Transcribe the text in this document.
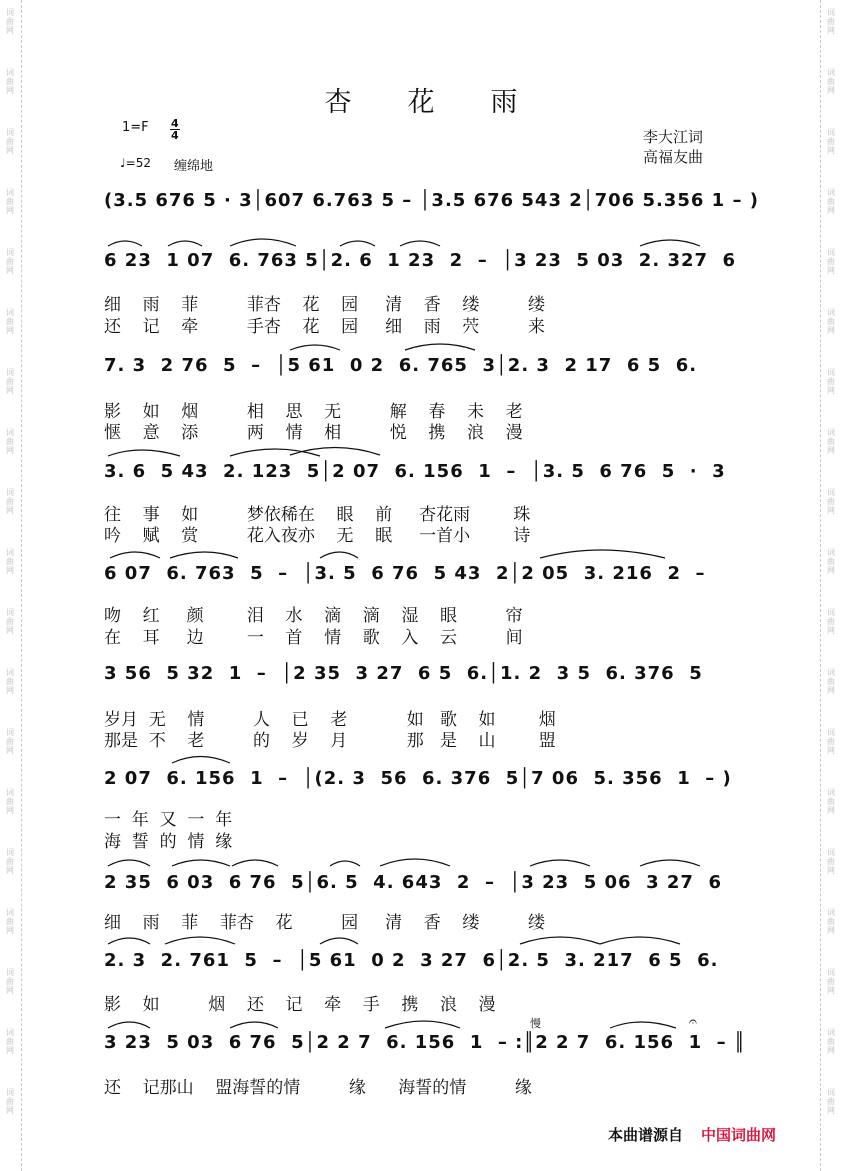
词
曲
网
词
曲
网
词
曲
网
词
曲
网
词
曲
网
词
曲
网
词
曲
网
词
曲
网
词
曲
网
词
曲
网
词
曲
网
词
曲
网
词
曲
网
词
曲
网
词
曲
网
词
曲
网
词
曲
网
词
曲
网
词
曲
网
词
曲
网
词
曲
网
词
曲
网
词
曲
网
词
曲
网
词
曲
网
词
曲
网
词
曲
网
词
曲
网
词
曲
网
词
曲
网
词
曲
网
词
曲
网
词
曲
网
词
曲
网
词
曲
网
词
曲
网
词
曲
网
词
曲
网
杏 花 雨
1=F 4
4
♩=52 缠绵地
李大江词
高福友曲
(3.5 676 5 · 3│607 6.763 5 – │3.5 676 543 2│706 5.356 1 – )
6 23  1 07  6. 763 5│2. 6  1 23  2  –  │3 23  5 03  2. 327  6
细    雨    菲         菲杏    花    园     清    香    缕         缕
还    记    牵         手杏    花    园     细    雨    茓         来
7. 3  2 76  5  –  │5 61  0 2  6. 765  3│2. 3  2 17  6 5  6.
影    如    烟         相    思    无         解    春    未    老
惬    意    添         两    情    相         悦    携    浪    漫
3. 6  5 43  2. 123  5│2 07  6. 156  1  –  │3. 5  6 76  5  ·  3
往    事    如         梦依稀在    眼    前     杏花雨        珠
吟    赋    赏         花入夜亦    无    眠     一首小        诗
6 07  6. 763  5  –  │3. 5  6 76  5 43  2│2 05  3. 216  2  –
吻    红     颜        泪    水    滴    滴    湿    眼         帘
在    耳     边        一    首    情    歌    入    云         间
3 56  5 32  1  –  │2 35  3 27  6 5  6.│1. 2  3 5  6. 376  5
岁月  无    情         人    已    老           如   歌    如        烟
那是  不    老         的    岁    月           那   是    山        盟
2 07  6. 156  1  –  │(2. 3  56  6. 376  5│7 06  5. 356  1  – )
一  年  又  一  年
海  誓  的  情  缘
2 35  6 03  6 76  5│6. 5  4. 643  2  –  │3 23  5 06  3 27  6
细    雨    菲    菲杏    花         园     清    香    缕         缕
2. 3  2. 761  5  –  │5 61  0 2  3 27  6│2. 5  3. 217  6 5  6.
影    如         烟    还    记    牵    手    携    浪    漫
3 23  5 03  6 76  5│2 2 7  6. 156  1  – :║2 2 7  6. 156  1  – ║
还    记那山    盟海誓的情         缘      海誓的情         缘
慢	𝄐
本曲谱源自 中国词曲网
